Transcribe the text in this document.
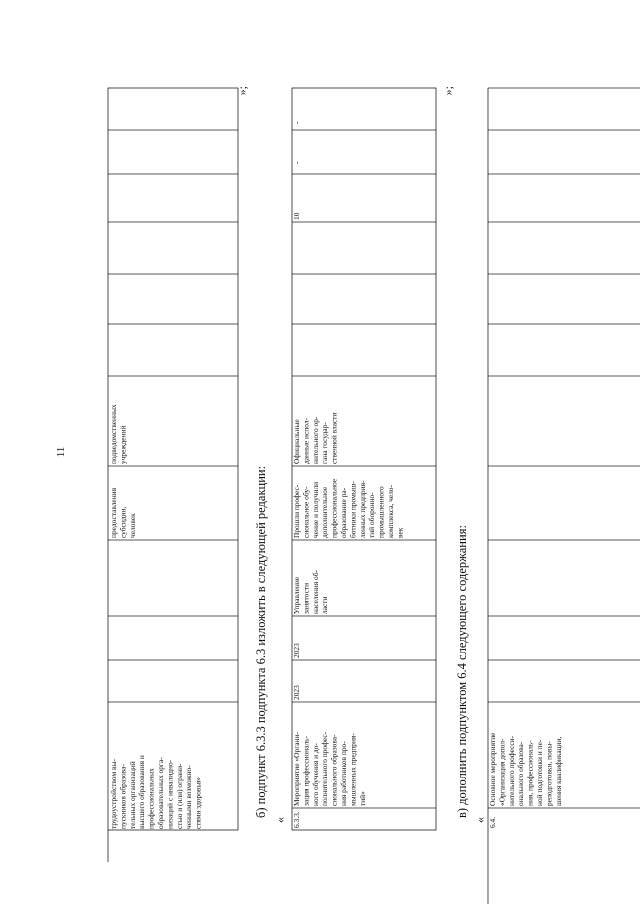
11
трудоустройством вы-пускников образова-тельных организацийвысшего образования ипрофессиональныхобразовательных орга-низаций с инвалидно-стью и (или) ограни-ченными возможно-стями здоровья»
предоставлениясубсидии,человек
подведомственныхучреждений
»;
б) подпункт 6.3.3 подпункта 6.3 изложить в следующей редакции:
« 6.3.3.
Мероприятие «Органи-зация профессиональ-ного обучения и до-полнительного профес-сионального образова-ния работников про-мышленных предприя-тий»
2023
2023
Управлениезанятостинаселения об-ласти
Прошли профес-сиональное обу-чение и получилидополнительноепрофессиональноеобразование ра-ботники промыш-ленных предприя-тий оборонно-промышленногокомплекса, чело-век
Официальныеданные испол-нительного ор-гана государ-ственной власти
10
-
-
»;
в) дополнить подпунктом 6.4 следующего содержания:
« 6.4.
Основное мероприятие«Организация допол-нительного професси-онального образова-ния, профессиональ-ной подготовки и пе-реподготовки, повы-шения квалификации,
